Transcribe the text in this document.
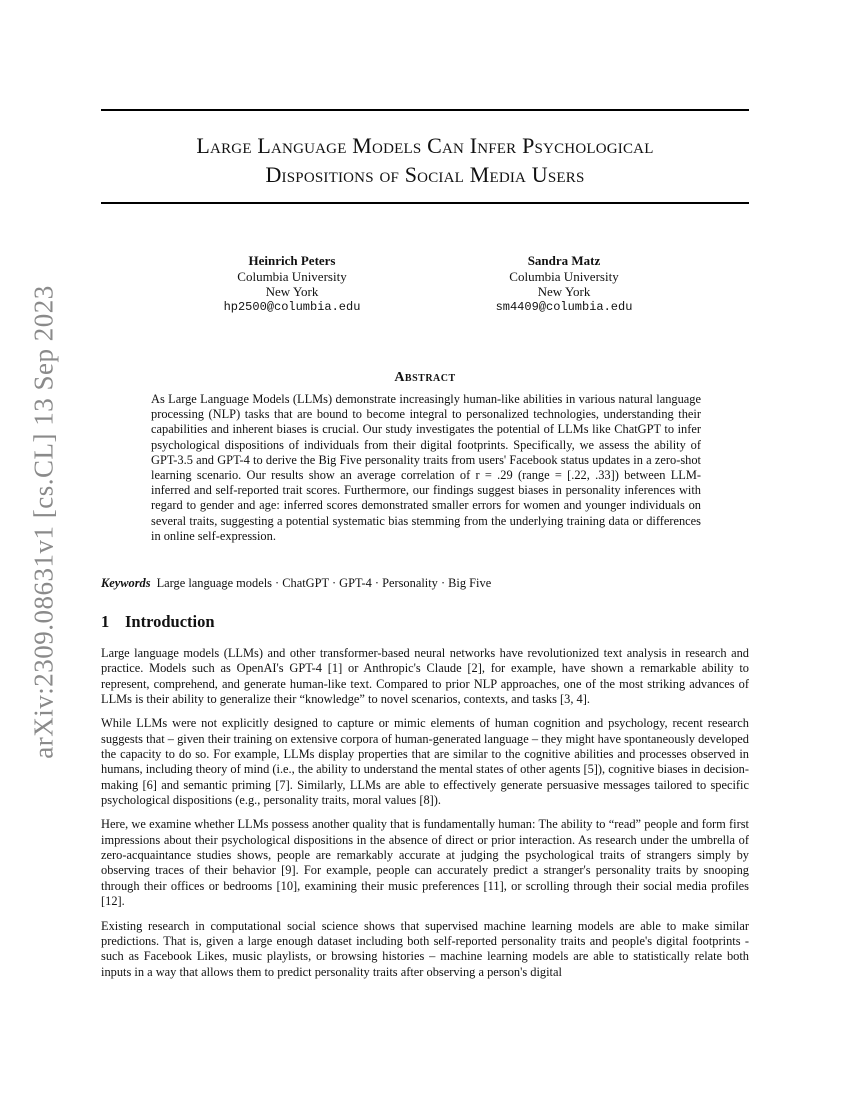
arXiv:2309.08631v1 [cs.CL] 13 Sep 2023
Large Language Models Can Infer Psychological
Dispositions of Social Media Users
Heinrich Peters
Columbia University
New York
hp2500@columbia.edu
Sandra Matz
Columbia University
New York
sm4409@columbia.edu
Abstract

As Large Language Models (LLMs) demonstrate increasingly human-like abilities in various natural language processing (NLP) tasks that are bound to become integral to personalized technologies, understanding their capabilities and inherent biases is crucial. Our study investigates the potential of LLMs like ChatGPT to infer psychological dispositions of individuals from their digital footprints. Specifically, we assess the ability of GPT-3.5 and GPT-4 to derive the Big Five personality traits from users' Facebook status updates in a zero-shot learning scenario. Our results show an average correlation of r = .29 (range = [.22, .33]) between LLM-inferred and self-reported trait scores. Furthermore, our findings suggest biases in personality inferences with regard to gender and age: inferred scores demonstrated smaller errors for women and younger individuals on several traits, suggesting a potential systematic bias stemming from the underlying training data or differences in online self-expression.

Keywords Large language models · ChatGPT · GPT-4 · Personality · Big Five
1 Introduction

Large language models (LLMs) and other transformer-based neural networks have revolutionized text analysis in research and practice. Models such as OpenAI's GPT-4 [1] or Anthropic's Claude [2], for example, have shown a remarkable ability to represent, comprehend, and generate human-like text. Compared to prior NLP approaches, one of the most striking advances of LLMs is their ability to generalize their “knowledge” to novel scenarios, contexts, and tasks [3, 4].

While LLMs were not explicitly designed to capture or mimic elements of human cognition and psychology, recent research suggests that – given their training on extensive corpora of human-generated language – they might have spontaneously developed the capacity to do so. For example, LLMs display properties that are similar to the cognitive abilities and processes observed in humans, including theory of mind (i.e., the ability to understand the mental states of other agents [5]), cognitive biases in decision-making [6] and semantic priming [7]. Similarly, LLMs are able to effectively generate persuasive messages tailored to specific psychological dispositions (e.g., personality traits, moral values [8]).

Here, we examine whether LLMs possess another quality that is fundamentally human: The ability to “read” people and form first impressions about their psychological dispositions in the absence of direct or prior interaction. As research under the umbrella of zero-acquaintance studies shows, people are remarkably accurate at judging the psychological traits of strangers simply by observing traces of their behavior [9]. For example, people can accurately predict a stranger's personality traits by snooping through their offices or bedrooms [10], examining their music preferences [11], or scrolling through their social media profiles [12].

Existing research in computational social science shows that supervised machine learning models are able to make similar predictions. That is, given a large enough dataset including both self-reported personality traits and people's digital footprints - such as Facebook Likes, music playlists, or browsing histories – machine learning models are able to statistically relate both inputs in a way that allows them to predict personality traits after observing a person's digital
